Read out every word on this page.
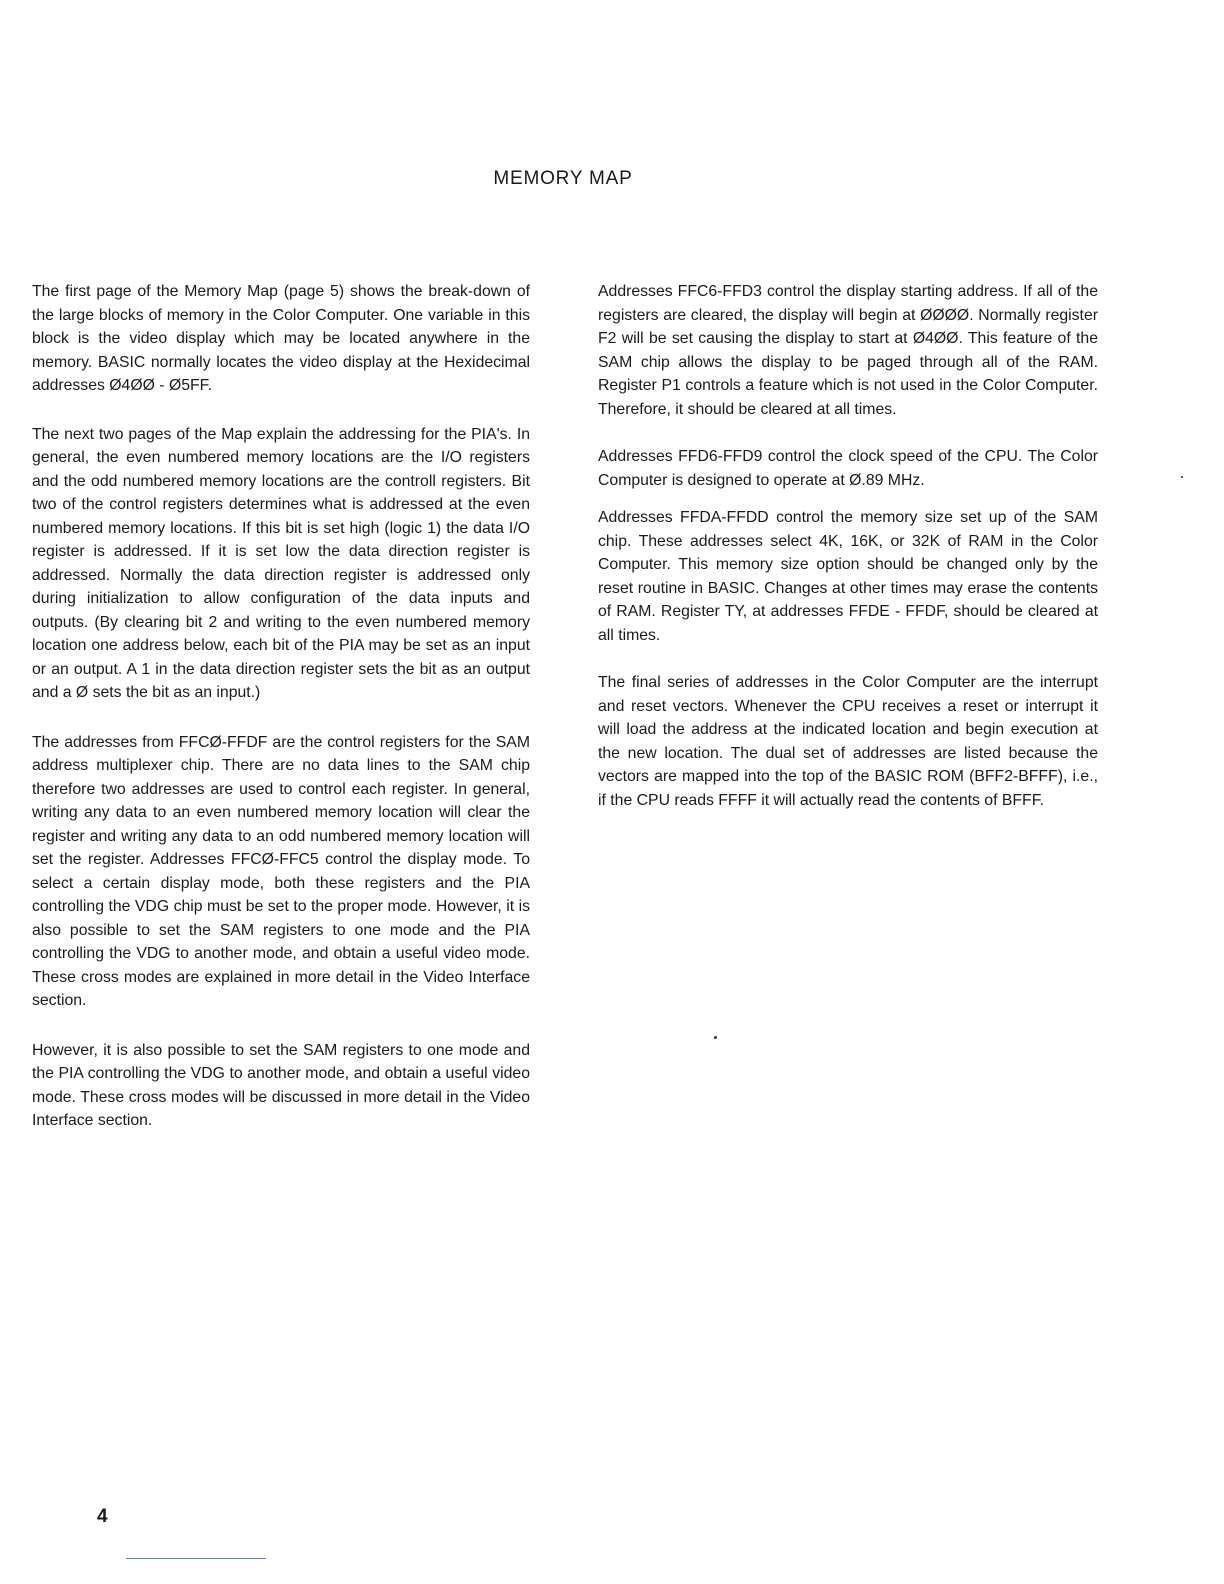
MEMORY MAP

The first page of the Memory Map (page 5) shows the break-down of the large blocks of memory in the Color Computer. One variable in this block is the video display which may be located anywhere in the memory. BASIC normally locates the video display at the Hexidecimal addresses Ø4ØØ - Ø5FF.

The next two pages of the Map explain the addressing for the PIA's. In general, the even numbered memory locations are the I/O registers and the odd numbered memory locations are the controll registers. Bit two of the control registers determines what is addressed at the even numbered memory locations. If this bit is set high (logic 1) the data I/O register is addressed. If it is set low the data direction register is addressed. Normally the data direction register is addressed only during initialization to allow configuration of the data inputs and outputs. (By clearing bit 2 and writing to the even numbered memory location one address below, each bit of the PIA may be set as an input or an output. A 1 in the data direction register sets the bit as an output and a Ø sets the bit as an input.)

The addresses from FFCØ-FFDF are the control registers for the SAM address multiplexer chip. There are no data lines to the SAM chip therefore two addresses are used to control each register. In general, writing any data to an even numbered memory location will clear the register and writing any data to an odd numbered memory location will set the register. Addresses FFCØ-FFC5 control the display mode. To select a certain display mode, both these registers and the PIA controlling the VDG chip must be set to the proper mode. However, it is also possible to set the SAM registers to one mode and the PIA controlling the VDG to another mode, and obtain a useful video mode. These cross modes are explained in more detail in the Video Interface section.

However, it is also possible to set the SAM registers to one mode and the PIA controlling the VDG to another mode, and obtain a useful video mode. These cross modes will be discussed in more detail in the Video Interface section.

Addresses FFC6-FFD3 control the display starting address. If all of the registers are cleared, the display will begin at ØØØØ. Normally register F2 will be set causing the display to start at Ø4ØØ. This feature of the SAM chip allows the display to be paged through all of the RAM. Register P1 controls a feature which is not used in the Color Computer. Therefore, it should be cleared at all times.

Addresses FFD6-FFD9 control the clock speed of the CPU. The Color Computer is designed to operate at Ø.89 MHz.

Addresses FFDA-FFDD control the memory size set up of the SAM chip. These addresses select 4K, 16K, or 32K of RAM in the Color Computer. This memory size option should be changed only by the reset routine in BASIC. Changes at other times may erase the contents of RAM. Register TY, at addresses FFDE - FFDF, should be cleared at all times.

The final series of addresses in the Color Computer are the interrupt and reset vectors. Whenever the CPU receives a reset or interrupt it will load the address at the indicated location and begin execution at the new location. The dual set of addresses are listed because the vectors are mapped into the top of the BASIC ROM (BFF2-BFFF), i.e., if the CPU reads FFFF it will actually read the contents of BFFF.

4
